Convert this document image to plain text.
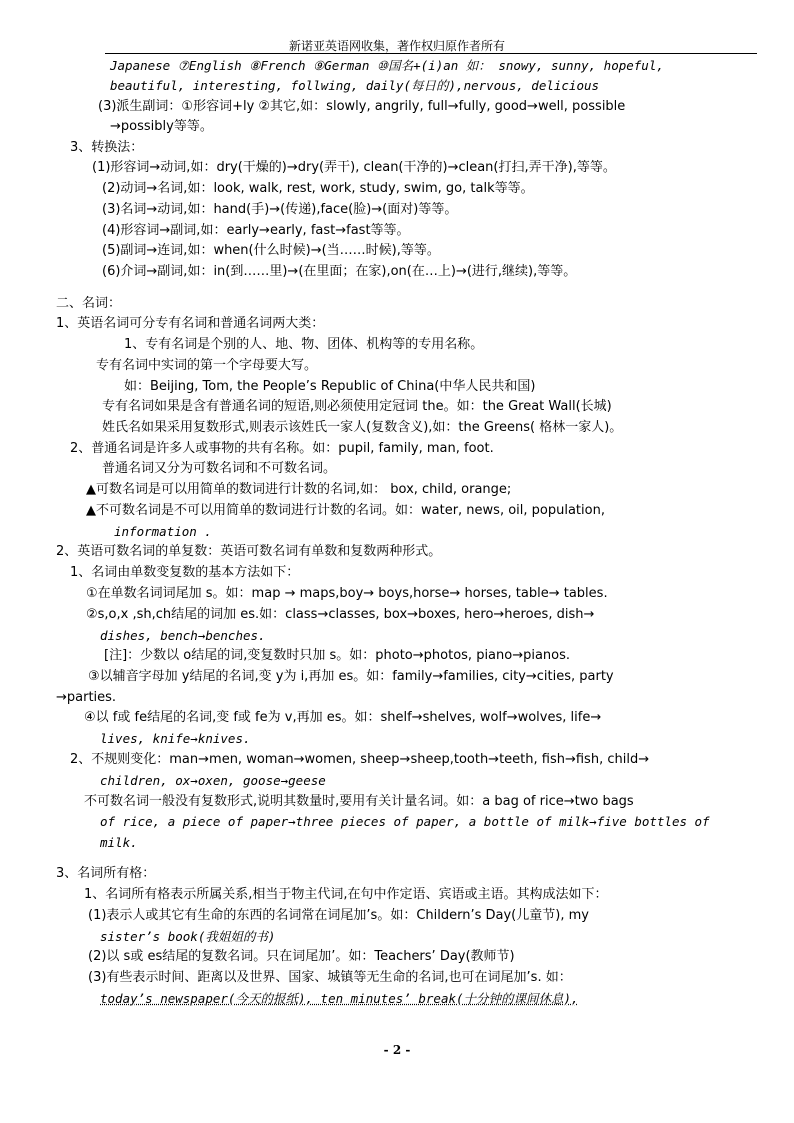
新诺亚英语网收集，著作权归原作者所有
Japanese ⑦English ⑧French ⑨German ⑩国名+(i)an 如： snowy, sunny, hopeful,
beautiful, interesting, follwing, daily(每日的),nervous, delicious
(3)派生副词：①形容词+ly ②其它,如：slowly, angrily, full→fully, good→well, possible
→possibly等等。
3、转换法：
(1)形容词→动词,如：dry(干燥的)→dry(弄干), clean(干净的)→clean(打扫,弄干净),等等。
(2)动词→名词,如：look, walk, rest, work, study, swim, go, talk等等。
(3)名词→动词,如：hand(手)→(传递),face(脸)→(面对)等等。
(4)形容词→副词,如：early→early, fast→fast等等。
(5)副词→连词,如：when(什么时候)→(当……时候),等等。
(6)介词→副词,如：in(到……里)→(在里面；在家),on(在…上)→(进行,继续),等等。
二、名词：
1、英语名词可分专有名词和普通名词两大类：
1、专有名词是个别的人、地、物、团体、机构等的专用名称。
专有名词中实词的第一个字母要大写。
如：Beijing, Tom, the People’s Republic of China(中华人民共和国)
专有名词如果是含有普通名词的短语,则必须使用定冠词 the。如：the Great Wall(长城)
姓氏名如果采用复数形式,则表示该姓氏一家人(复数含义),如：the Greens( 格林一家人)。
2、普通名词是许多人或事物的共有名称。如：pupil, family, man, foot.
普通名词又分为可数名词和不可数名词。
▲可数名词是可以用简单的数词进行计数的名词,如： box, child, orange;
▲不可数名词是不可以用简单的数词进行计数的名词。如：water, news, oil, population,
information .
2、英语可数名词的单复数：英语可数名词有单数和复数两种形式。
1、名词由单数变复数的基本方法如下：
①在单数名词词尾加 s。如：map → maps,boy→ boys,horse→ horses, table→ tables.
②s,o,x ,sh,ch结尾的词加 es.如：class→classes, box→boxes, hero→heroes, dish→
dishes, bench→benches.
[注]：少数以 o结尾的词,变复数时只加 s。如：photo→photos, piano→pianos.
③以辅音字母加 y结尾的名词,变 y为 i,再加 es。如：family→families, city→cities, party
→parties.
④以 f或 fe结尾的名词,变 f或 fe为 v,再加 es。如：shelf→shelves, wolf→wolves, life→
lives, knife→knives.
2、不规则变化：man→men, woman→women, sheep→sheep,tooth→teeth, fish→fish, child→
children, ox→oxen, goose→geese
不可数名词一般没有复数形式,说明其数量时,要用有关计量名词。如：a bag of rice→two bags
of rice, a piece of paper→three pieces of paper, a bottle of milk→five bottles of
milk.
3、名词所有格：
1、名词所有格表示所属关系,相当于物主代词,在句中作定语、宾语或主语。其构成法如下：
(1)表示人或其它有生命的东西的名词常在词尾加’s。如：Childern’s Day(儿童节), my
sister’s book(我姐姐的书)
(2)以 s或 es结尾的复数名词。只在词尾加’。如：Teachers’ Day(教师节)
(3)有些表示时间、距离以及世界、国家、城镇等无生命的名词,也可在词尾加’s. 如：
today’s newspaper(今天的报纸), ten minutes’ break(十分钟的课间休息),
- 2 -
